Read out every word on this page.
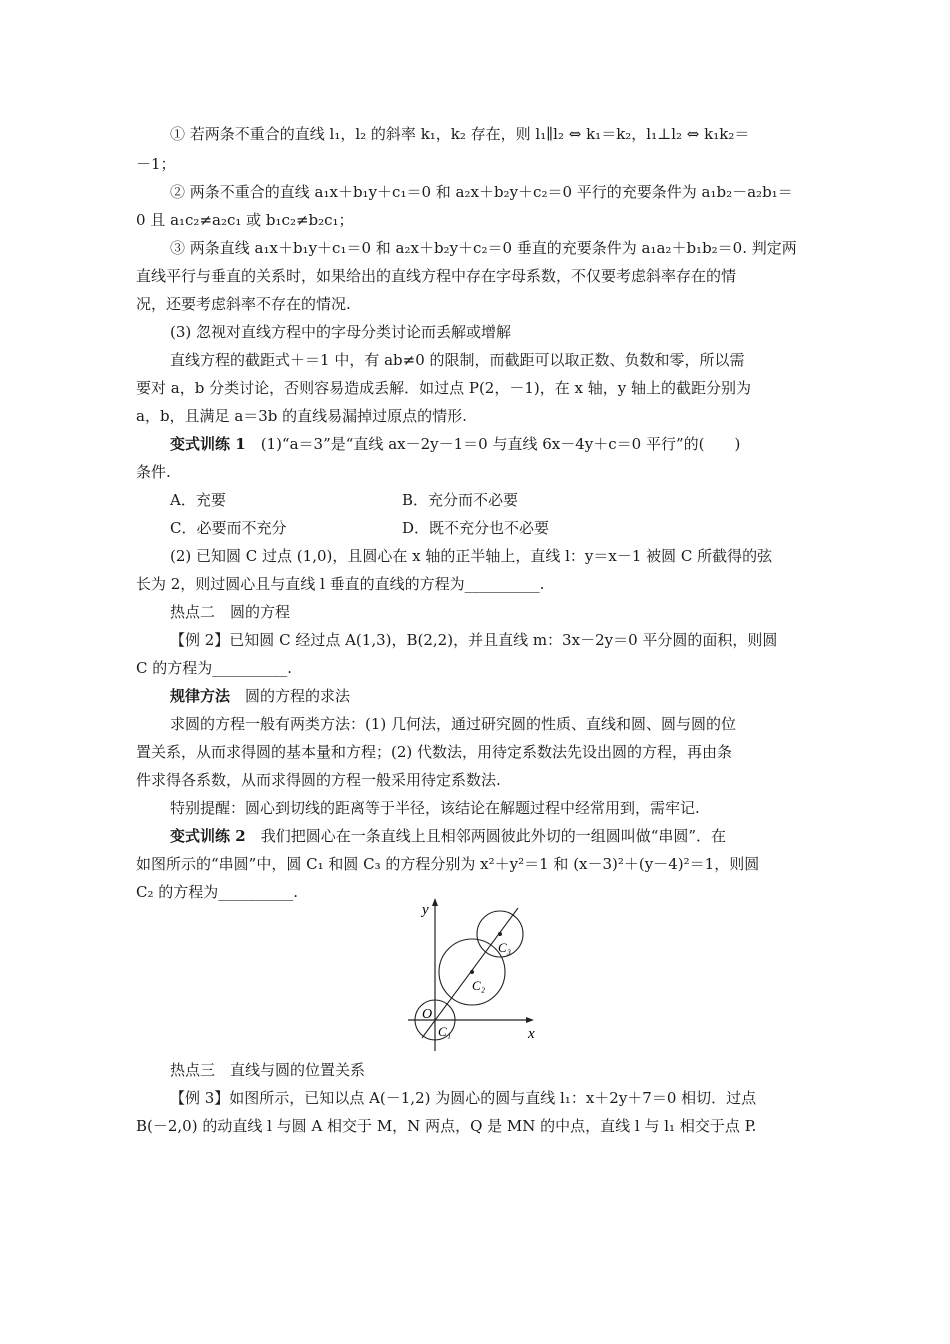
① 若两条不重合的直线 l₁，l₂ 的斜率 k₁，k₂ 存在，则 l₁∥l₂ ⇔ k₁＝k₂，l₁⊥l₂ ⇔ k₁k₂＝
－1；
② 两条不重合的直线 a₁x＋b₁y＋c₁＝0 和 a₂x＋b₂y＋c₂＝0 平行的充要条件为 a₁b₂－a₂b₁＝
0 且 a₁c₂≠a₂c₁ 或 b₁c₂≠b₂c₁；
③ 两条直线 a₁x＋b₁y＋c₁＝0 和 a₂x＋b₂y＋c₂＝0 垂直的充要条件为 a₁a₂＋b₁b₂＝0. 判定两
直线平行与垂直的关系时，如果给出的直线方程中存在字母系数，不仅要考虑斜率存在的情
况，还要考虑斜率不存在的情况.
(3) 忽视对直线方程中的字母分类讨论而丢解或增解
直线方程的截距式＋＝1 中，有 ab≠0 的限制，而截距可以取正数、负数和零，所以需
要对 a，b 分类讨论，否则容易造成丢解．如过点 P(2，－1)，在 x 轴，y 轴上的截距分别为
a，b，且满足 a＝3b 的直线易漏掉过原点的情形.
变式训练 1　 (1)“a＝3”是“直线 ax－2y－1＝0 与直线 6x－4y＋c＝0 平行”的(　　)
条件.
A．充要	B．充分而不必要
C．必要而不充分	D．既不充分也不必要
(2) 已知圆 C 过点 (1,0)，且圆心在 x 轴的正半轴上，直线 l：y＝x－1 被圆 C 所截得的弦
长为 2，则过圆心且与直线 l 垂直的直线的方程为__________.
热点二　圆的方程
【例 2】已知圆 C 经过点 A(1,3)，B(2,2)，并且直线 m：3x－2y＝0 平分圆的面积，则圆
C 的方程为__________.
规律方法　 圆的方程的求法
求圆的方程一般有两类方法：(1) 几何法，通过研究圆的性质、直线和圆、圆与圆的位
置关系，从而求得圆的基本量和方程；(2) 代数法，用待定系数法先设出圆的方程，再由条
件求得各系数，从而求得圆的方程一般采用待定系数法.
特别提醒：圆心到切线的距离等于半径，该结论在解题过程中经常用到，需牢记.
变式训练 2　 我们把圆心在一条直线上且相邻两圆彼此外切的一组圆叫做“串圆”．在
如图所示的“串圆”中，圆 C₁ 和圆 C₃ 的方程分别为 x²＋y²＝1 和 (x－3)²＋(y－4)²＝1，则圆
C₂ 的方程为__________.
y
x
O
C₁
C₂
C₃
热点三　直线与圆的位置关系
【例 3】如图所示，已知以点 A(－1,2) 为圆心的圆与直线 l₁：x＋2y＋7＝0 相切．过点
B(－2,0) 的动直线 l 与圆 A 相交于 M，N 两点，Q 是 MN 的中点，直线 l 与 l₁ 相交于点 P.
